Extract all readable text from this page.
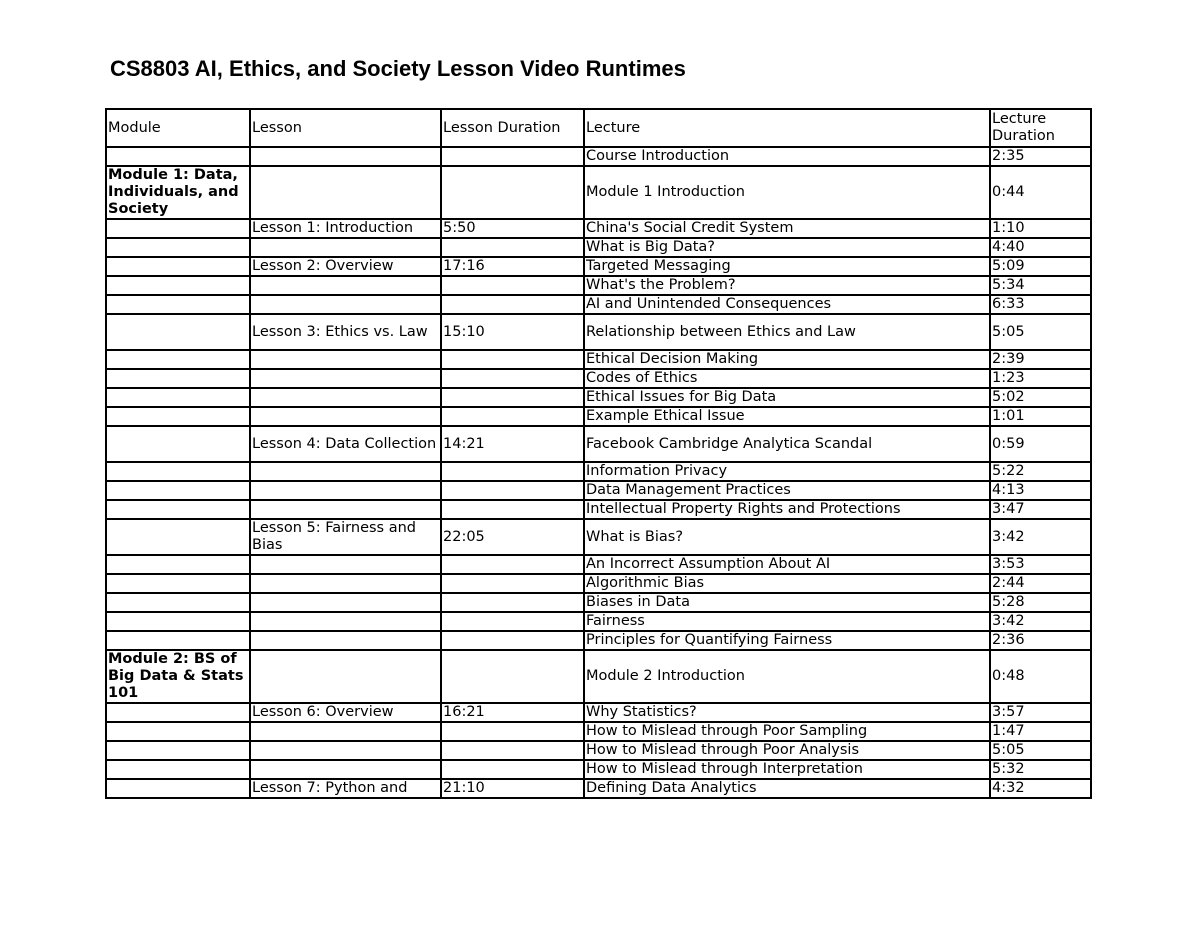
CS8803 AI, Ethics, and Society Lesson Video Runtimes
Module	Lesson	Lesson Duration	Lecture	Lecture Duration
			Course Introduction	2:35
Module 1: Data, Individuals, and Society			Module 1 Introduction	0:44
	Lesson 1: Introduction	5:50	China's Social Credit System	1:10
			What is Big Data?	4:40
	Lesson 2: Overview	17:16	Targeted Messaging	5:09
			What's the Problem?	5:34
			AI and Unintended Consequences	6:33
	Lesson 3: Ethics vs. Law	15:10	Relationship between Ethics and Law	5:05
			Ethical Decision Making	2:39
			Codes of Ethics	1:23
			Ethical Issues for Big Data	5:02
			Example Ethical Issue	1:01
	Lesson 4: Data Collection	14:21	Facebook Cambridge Analytica Scandal	0:59
			Information Privacy	5:22
			Data Management Practices	4:13
			Intellectual Property Rights and Protections	3:47
	Lesson 5: Fairness and Bias	22:05	What is Bias?	3:42
			An Incorrect Assumption About AI	3:53
			Algorithmic Bias	2:44
			Biases in Data	5:28
			Fairness	3:42
			Principles for Quantifying Fairness	2:36
Module 2: BS of Big Data & Stats 101			Module 2 Introduction	0:48
	Lesson 6: Overview	16:21	Why Statistics?	3:57
			How to Mislead through Poor Sampling	1:47
			How to Mislead through Poor Analysis	5:05
			How to Mislead through Interpretation	5:32
	Lesson 7: Python and	21:10	Defining Data Analytics	4:32
